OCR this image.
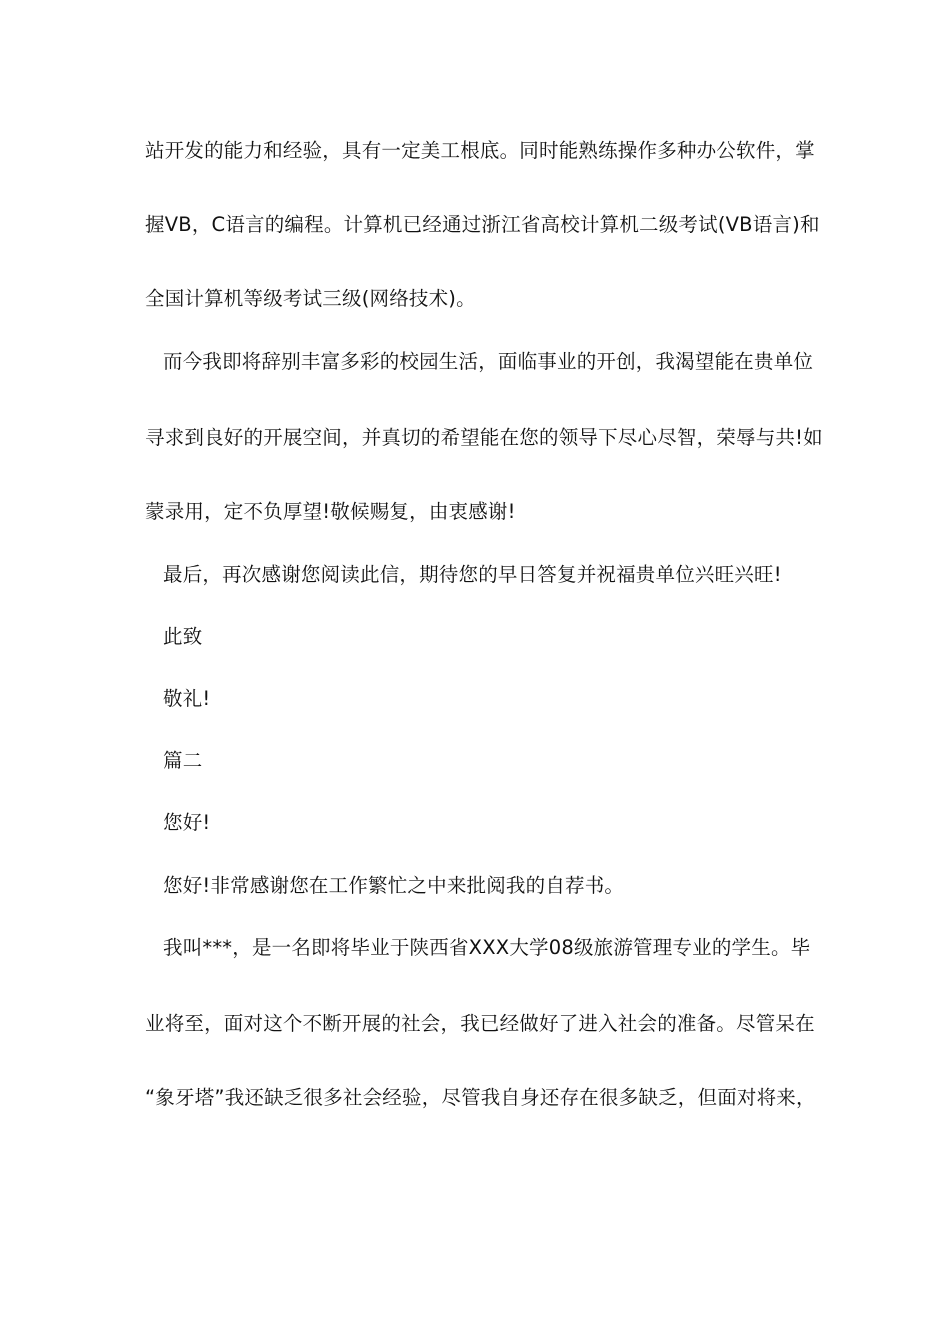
站开发的能力和经验，具有一定美工根底。同时能熟练操作多种办公软件，掌
握VB，C语言的编程。计算机已经通过浙江省高校计算机二级考试(VB语言)和
全国计算机等级考试三级(网络技术)。
而今我即将辞别丰富多彩的校园生活，面临事业的开创，我渴望能在贵单位
寻求到良好的开展空间，并真切的希望能在您的领导下尽心尽智，荣辱与共!如
蒙录用，定不负厚望!敬候赐复，由衷感谢!
最后，再次感谢您阅读此信，期待您的早日答复并祝福贵单位兴旺兴旺!
此致
敬礼!
篇二
您好!
您好!非常感谢您在工作繁忙之中来批阅我的自荐书。
我叫***，是一名即将毕业于陕西省XXX大学08级旅游管理专业的学生。毕
业将至，面对这个不断开展的社会，我已经做好了进入社会的准备。尽管呆在
“象牙塔”我还缺乏很多社会经验，尽管我自身还存在很多缺乏，但面对将来，
